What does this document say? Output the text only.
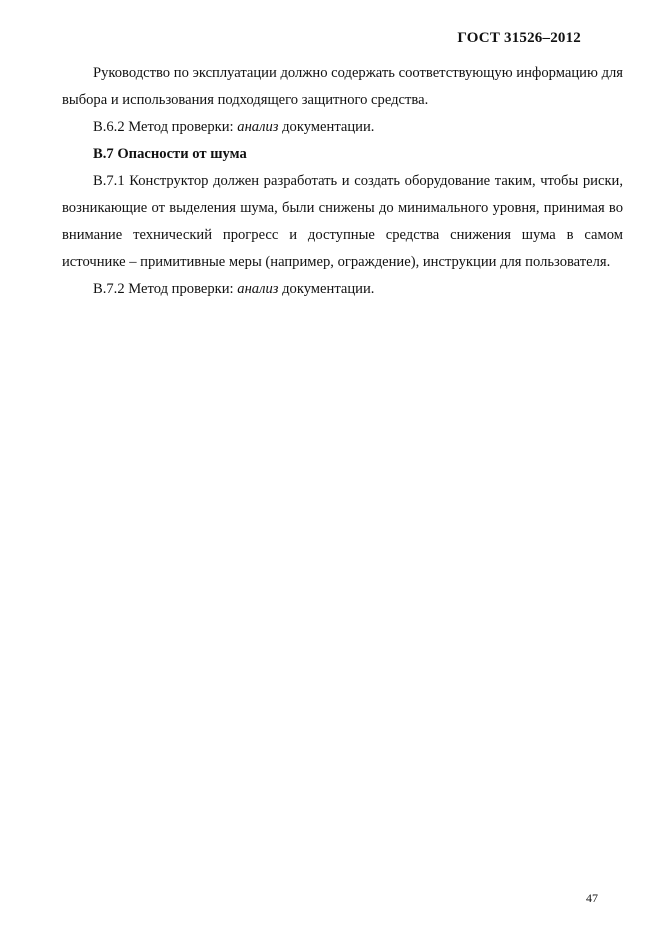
ГОСТ 31526–2012

Руководство по эксплуатации должно содержать соответствующую информацию для выбора и использования подходящего защитного средства.

В.6.2 Метод проверки: анализ документации.

В.7 Опасности от шума

В.7.1 Конструктор должен разработать и создать оборудование таким, чтобы риски, возникающие от выделения шума, были снижены до минимального уровня, принимая во внимание технический прогресс и доступные средства снижения шума в самом источнике – примитивные меры (например, ограждение), инструкции для пользователя.

В.7.2 Метод проверки: анализ документации.

47
